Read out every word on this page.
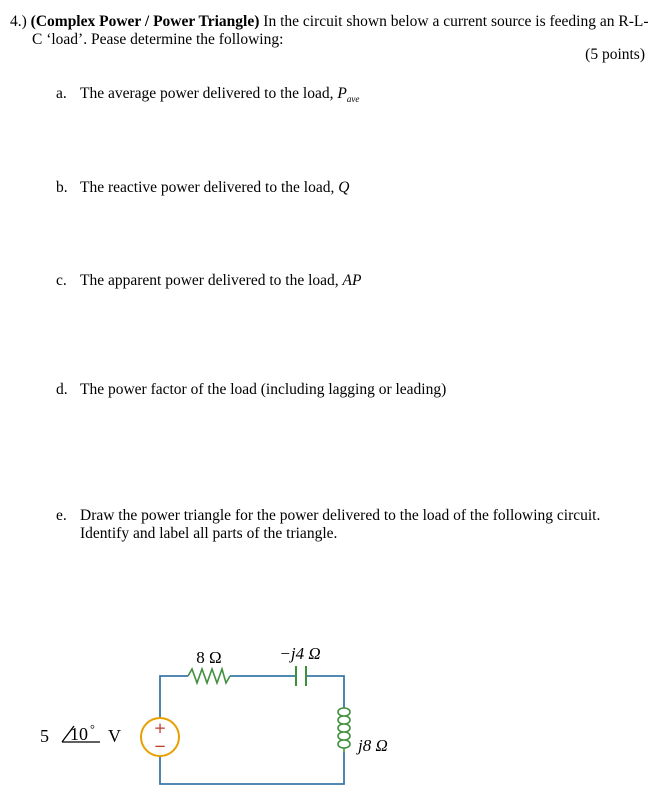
4.) (Complex Power / Power Triangle) In the circuit shown below a current source is feeding an R-L-
C ‘load’. Pease determine the following:
(5 points)
a. The average power delivered to the load, $P_{ave}$
b. The reactive power delivered to the load, Q
c. The apparent power delivered to the load, AP
d. The power factor of the load (including lagging or leading)
e. Draw the power triangle for the power delivered to the load of the following circuit.
Identify and label all parts of the triangle.
+
−
8 Ω	−j4 Ω
j8 Ω
5 10 ° V
